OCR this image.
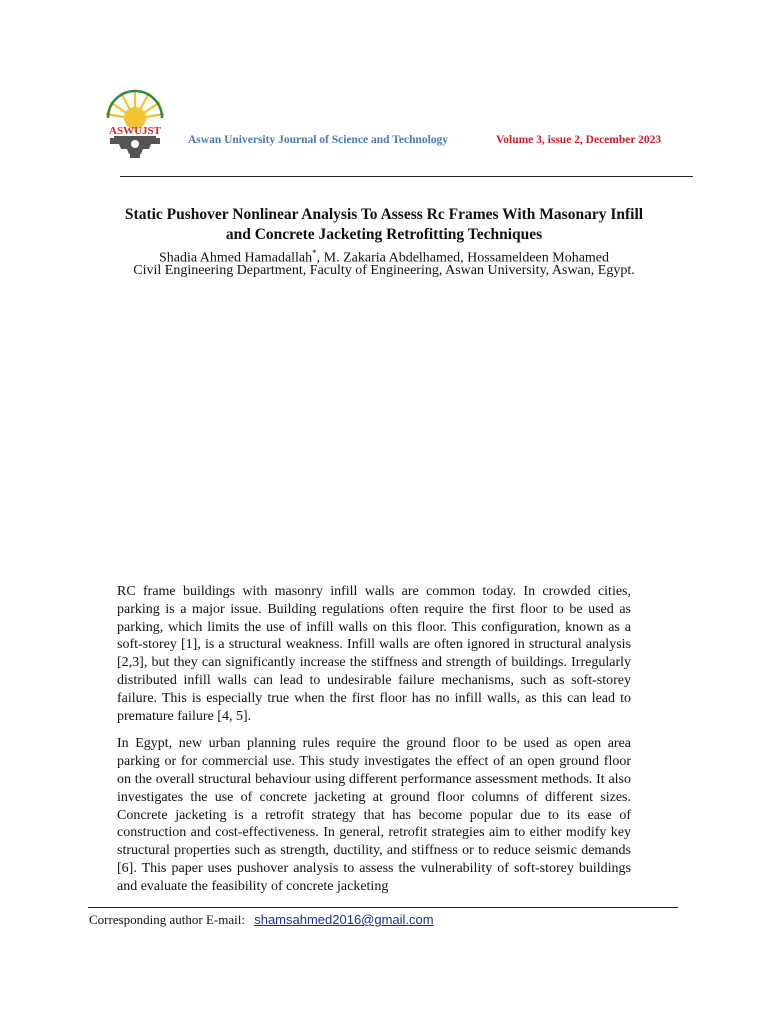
ASWUJST
Aswan University Journal of Science and Technology	Volume 3, issue 2, December 2023
Static Pushover Nonlinear Analysis To Assess Rc Frames With Masonary Infill
and Concrete Jacketing Retrofitting Techniques
Shadia Ahmed Hamadallah*, M. Zakaria Abdelhamed, Hossameldeen Mohamed
Civil Engineering Department, Faculty of Engineering, Aswan University, Aswan, Egypt.

RC frame buildings with masonry infill walls are common today. In crowded cities, parking is a major issue. Building regulations often require the first floor to be used as parking, which limits the use of infill walls on this floor. This configuration, known as a soft-storey [1], is a structural weakness. Infill walls are often ignored in structural analysis [2,3], but they can significantly increase the stiffness and strength of buildings. Irregularly distributed infill walls can lead to undesirable failure mechanisms, such as soft-storey failure. This is especially true when the first floor has no infill walls, as this can lead to premature failure [4, 5].

In Egypt, new urban planning rules require the ground floor to be used as open area parking or for commercial use. This study investigates the effect of an open ground floor on the overall structural behaviour using different performance assessment methods. It also investigates the use of concrete jacketing at ground floor columns of different sizes. Concrete jacketing is a retrofit strategy that has become popular due to its ease of construction and cost-effectiveness. In general, retrofit strategies aim to either modify key structural properties such as strength, ductility, and stiffness or to reduce seismic demands [6]. This paper uses pushover analysis to assess the vulnerability of soft-storey buildings and evaluate the feasibility of concrete jacketing

Corresponding author E-mail: shamsahmed2016@gmail.com
